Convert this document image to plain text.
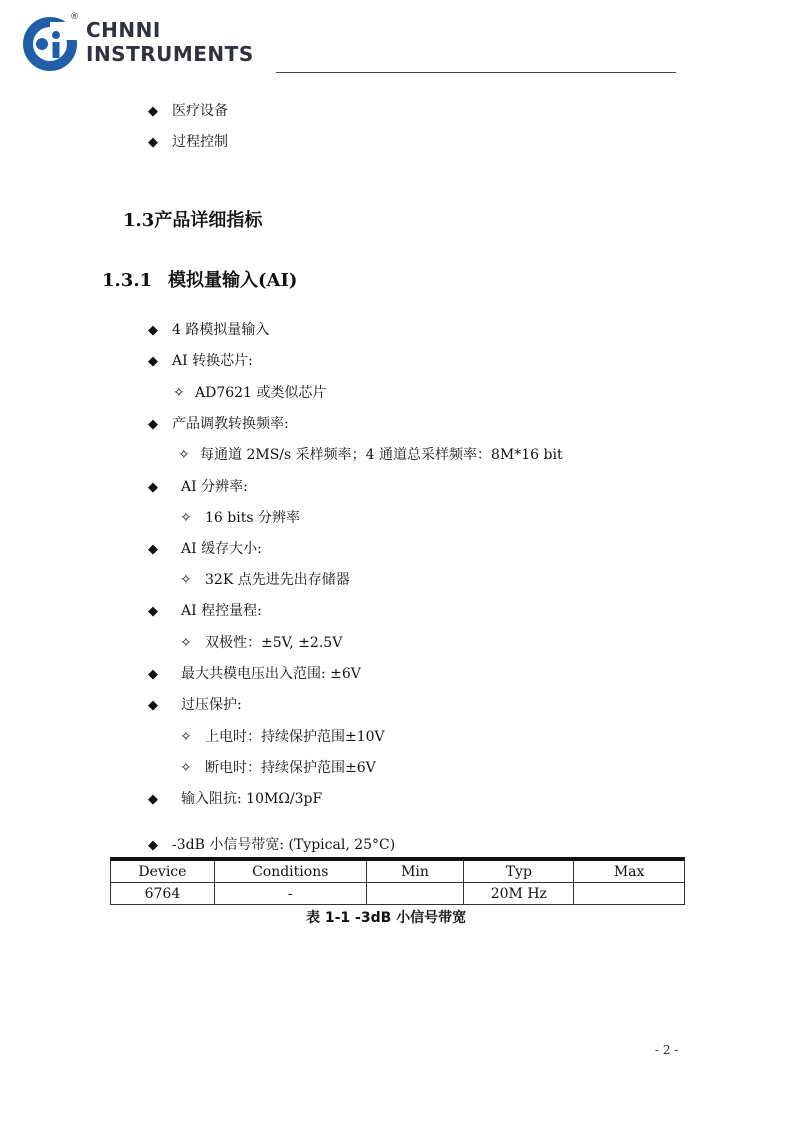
®
CHNNI
INSTRUMENTS
◆ 医疗设备
◆ 过程控制
1.3产品详细指标
1.3.1 模拟量输入(AI)
◆ 4 路模拟量输入
◆ AI 转换芯片:
✧ AD7621 或类似芯片
◆ 产品调教转换频率:
✧ 每通道 2MS/s 采样频率；4 通道总采样频率：8M*16 bit
◆ AI 分辨率:
✧ 16 bits 分辨率
◆ AI 缓存大小:
✧ 32K 点先进先出存储器
◆ AI 程控量程:
✧ 双极性：±5V, ±2.5V
◆ 最大共模电压出入范围: ±6V
◆ 过压保护:
✧ 上电时：持续保护范围±10V
✧ 断电时：持续保护范围±6V
◆ 输入阻抗: 10MΩ/3pF
◆ -3dB 小信号带宽: (Typical, 25°C)
Device	Conditions	Min	Typ	Max
6764	-		20M Hz	
表 1-1 -3dB 小信号带宽
- 2 -
